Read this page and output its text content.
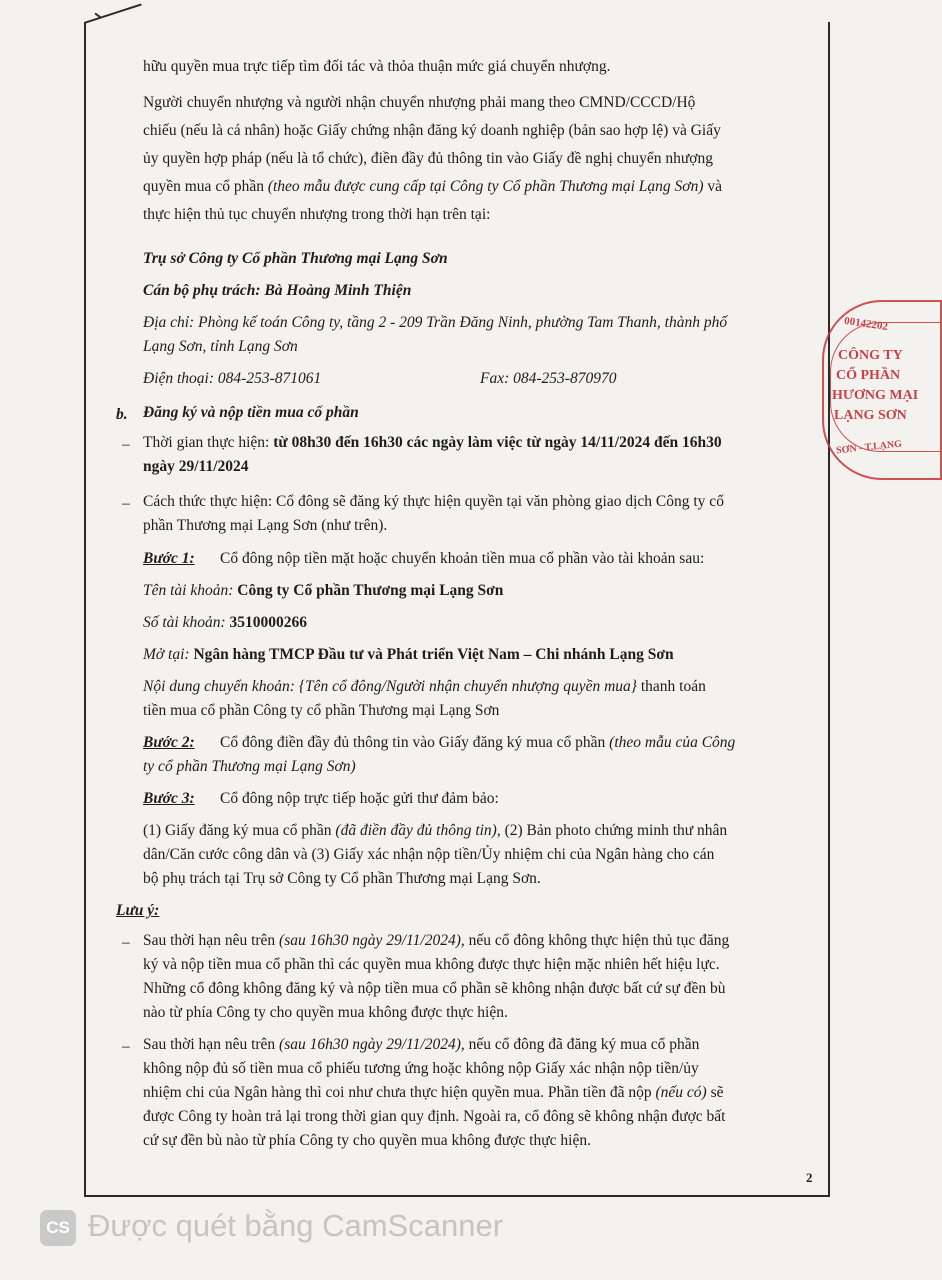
hữu quyền mua trực tiếp tìm đối tác và thỏa thuận mức giá chuyển nhượng.
Người chuyển nhượng và người nhận chuyển nhượng phải mang theo CMND/CCCD/Hộ
chiếu (nếu là cá nhân) hoặc Giấy chứng nhận đăng ký doanh nghiệp (bản sao hợp lệ) và Giấy
ủy quyền hợp pháp (nếu là tổ chức), điền đầy đủ thông tin vào Giấy đề nghị chuyển nhượng
quyền mua cổ phần (theo mẫu được cung cấp tại Công ty Cổ phần Thương mại Lạng Sơn) và
thực hiện thủ tục chuyển nhượng trong thời hạn trên tại:
Trụ sở Công ty Cổ phần Thương mại Lạng Sơn
Cán bộ phụ trách: Bà Hoàng Minh Thiện
Địa chỉ: Phòng kế toán Công ty, tầng 2 - 209 Trần Đăng Ninh, phường Tam Thanh, thành phố
Lạng Sơn, tỉnh Lạng Sơn
Điện thoại: 084-253-871061	Fax: 084-253-870970
b. Đăng ký và nộp tiền mua cổ phần
– Thời gian thực hiện: từ 08h30 đến 16h30 các ngày làm việc từ ngày 14/11/2024 đến 16h30
ngày 29/11/2024
– Cách thức thực hiện: Cổ đông sẽ đăng ký thực hiện quyền tại văn phòng giao dịch Công ty cổ
phần Thương mại Lạng Sơn (như trên).
Bước 1: Cổ đông nộp tiền mặt hoặc chuyển khoản tiền mua cổ phần vào tài khoản sau:
Tên tài khoản: Công ty Cổ phần Thương mại Lạng Sơn
Số tài khoản: 3510000266
Mở tại: Ngân hàng TMCP Đầu tư và Phát triển Việt Nam – Chi nhánh Lạng Sơn
Nội dung chuyển khoản: {Tên cổ đông/Người nhận chuyển nhượng quyền mua} thanh toán
tiền mua cổ phần Công ty cổ phần Thương mại Lạng Sơn
Bước 2: Cổ đông điền đầy đủ thông tin vào Giấy đăng ký mua cổ phần (theo mẫu của Công
ty cổ phần Thương mại Lạng Sơn)
Bước 3: Cổ đông nộp trực tiếp hoặc gửi thư đảm bảo:
(1) Giấy đăng ký mua cổ phần (đã điền đầy đủ thông tin), (2) Bản photo chứng minh thư nhân
dân/Căn cước công dân và (3) Giấy xác nhận nộp tiền/Ủy nhiệm chi của Ngân hàng cho cán
bộ phụ trách tại Trụ sở Công ty Cổ phần Thương mại Lạng Sơn.
Lưu ý:
– Sau thời hạn nêu trên (sau 16h30 ngày 29/11/2024), nếu cổ đông không thực hiện thủ tục đăng
ký và nộp tiền mua cổ phần thì các quyền mua không được thực hiện mặc nhiên hết hiệu lực.
Những cổ đông không đăng ký và nộp tiền mua cổ phần sẽ không nhận được bất cứ sự đền bù
nào từ phía Công ty cho quyền mua không được thực hiện.
– Sau thời hạn nêu trên (sau 16h30 ngày 29/11/2024), nếu cổ đông đã đăng ký mua cổ phần
không nộp đủ số tiền mua cổ phiếu tương ứng hoặc không nộp Giấy xác nhận nộp tiền/ủy
nhiệm chi của Ngân hàng thì coi như chưa thực hiện quyền mua. Phần tiền đã nộp (nếu có) sẽ
được Công ty hoàn trả lại trong thời gian quy định. Ngoài ra, cổ đông sẽ không nhận được bất
cứ sự đền bù nào từ phía Công ty cho quyền mua không được thực hiện.
2
00142202
CÔNG TY
CỔ PHẦN
HƯƠNG MẠI
LẠNG SƠN
SƠN - T.LẠNG
CS Được quét bằng CamScanner
